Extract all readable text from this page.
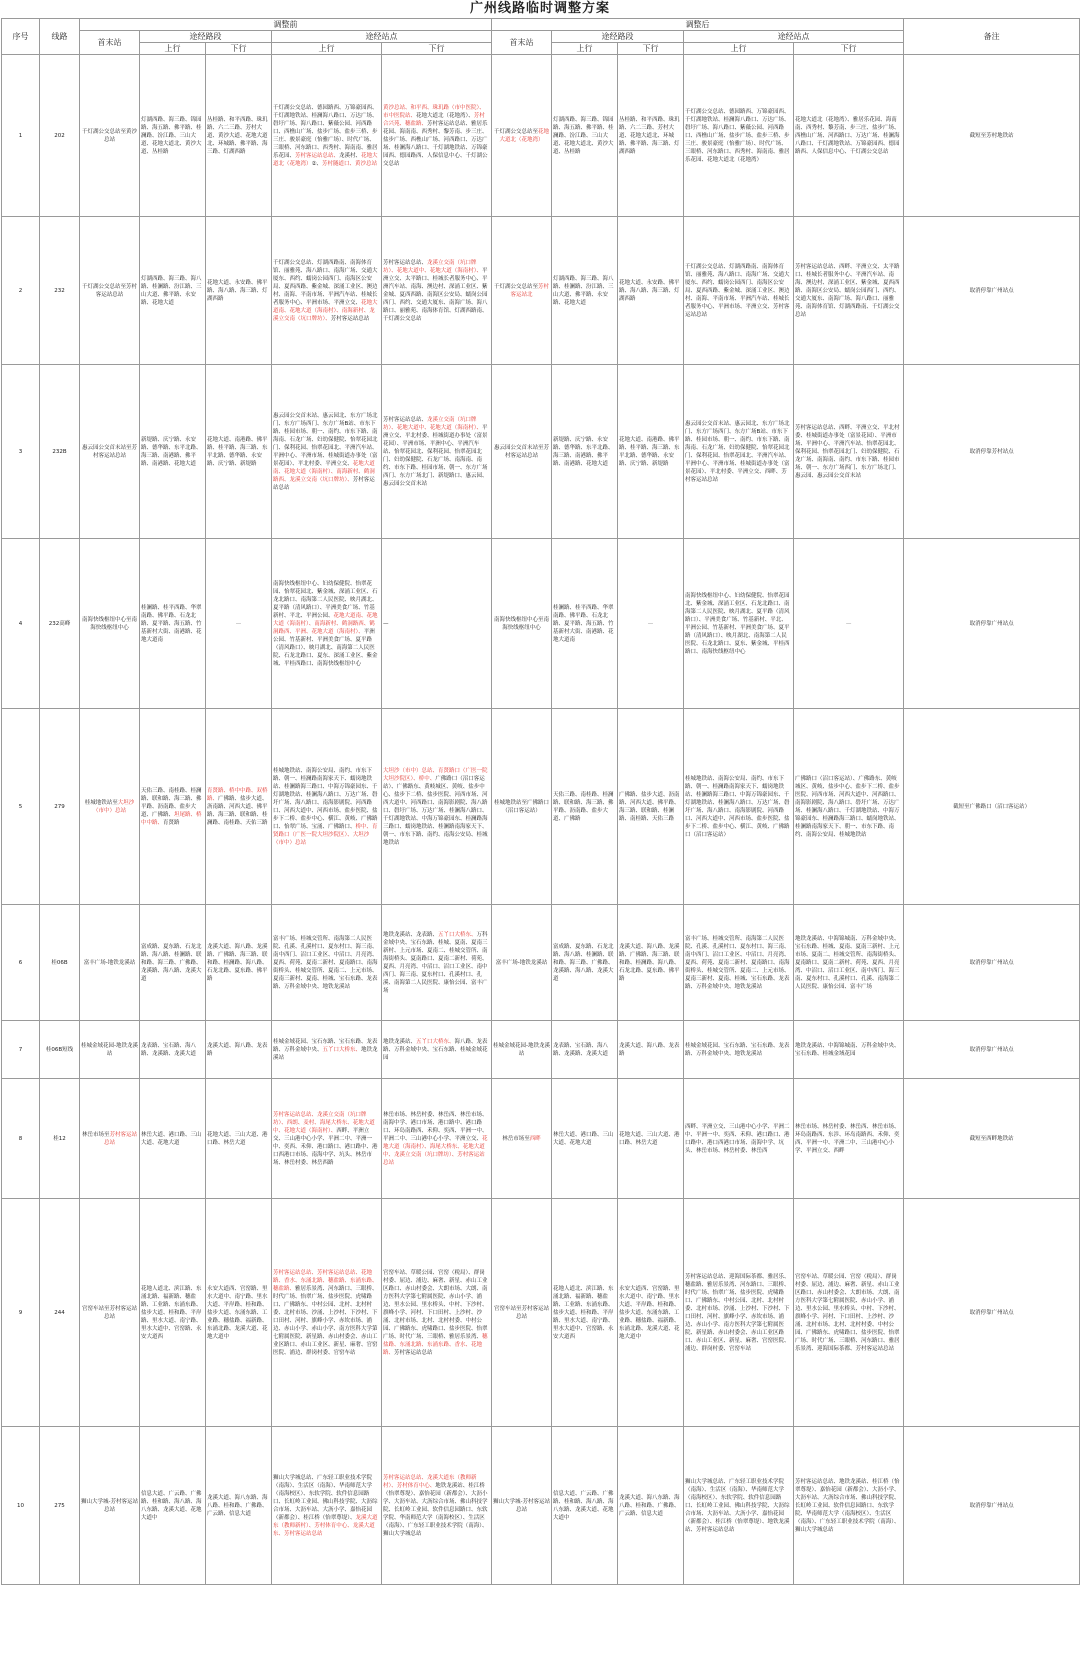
广州线路临时调整方案
序号	线路	调整前					调整后					备注
		首末站	途经路段		途经站点		首末站	途经路段		途经站点		
			上行	下行	上行	下行		上行	下行	上行	下行	
1	202	千灯湖公交总站至黄沙总站	灯湖西路、海三路、锦园路、海五路、佛平路、桂澜路、汾江路、三山大道、花地大道北、黄沙大道、丛桂路	丛桂路、和平西路、珠玑路、六二三路、芳村大道、黄沙大道、花地大道北、环城路、佛平路、海三路、灯湖西路	千灯湖公交总站、德园路西、万锦豪园西、千灯湖地铁站、桂澜海八路口、万达广场、礐圩广场、海八路口、紫薇公园、河西路口、西樵山广场、盐步广场、盐步三桥、步三庄、骏景豪庭（怡雅广场）、时代广场、三眼桥、河东路口、西秀村、海南南、雅居乐花园、芳村客运站总站、龙溪村、花地大道北（花地湾）②、芳村隧道口、黄沙总站	黄沙总站、和平西、珠玑路（市中医院）、市中医院站、花地大道北（花地湾）、芳村合兴苑、穗盐路、芳村客运站总站、雅居乐花园、海南南、西秀村、黎芳南、步三庄、盐步广场、西樵山广场、河西路口、万达广场、桂澜海八路口、千灯湖地铁站、万锦豪园西、德园路西、人保信息中心、千灯湖公交总站	千灯湖公交总站至花地大道北（花地湾）	灯湖西路、海三路、锦园路、海五路、佛平路、桂澜路、汾江路、三山大道、花地大道北、黄沙大道、丛桂路	丛桂路、和平西路、珠玑路、六二三路、芳村大道、花地大道北、环城路、佛平路、海三路、灯湖西路	千灯湖公交总站、德园路西、万锦豪园西、千灯湖地铁站、桂澜海八路口、万达广场、礐圩广场、海八路口、紫薇公园、河西路口、西樵山广场、盐步广场、盐步三桥、步三庄、骏景豪庭（怡雅广场）、时代广场、三眼桥、河东路口、西秀村、海南南、雅居乐花园、花地大道北（花地湾）	花地大道北（花地湾）、雅居乐花园、海南南、西秀村、黎芳南、步三庄、盐步广场、西樵山广场、河西路口、万达广场、桂澜海八路口、千灯湖地铁站、万锦豪园西、德园路西、人保信息中心、千灯湖公交总站	截短至芳村地铁站
2	232	千灯湖公交总站至芳村客运站总站	灯湖西路、海三路、海八路、桂澜路、汾江路、三山大道、佛平路、永安路、花地大道	花地大道、永安路、佛平路、海八路、海三路、灯湖西路	千灯湖公交总站、灯湖西路南、南海体育馆、丽雅苑、海八路口、南海广场、交通大厦东、西约、蠕岗公园西门、南海区公安局、夏西西路、紫金城、深涌工业区、澳边村、南海、平南市场、平洲汽车站、桂城长者服务中心、平洲市场、平洲立交、花地大道南、花地大道（海南村）、南海新村、龙溪立交南（坑口牌坊）、芳村客运站总站	芳村客运站总站、龙溪立交南（坑口牌坊）、花地大道中、花地大道（海南村）、平洲立交、太平路口、桂城长者服务中心、平洲汽车站、南海、澳边村、深涌工业区、紫金城、夏西西路、南海区公安局、蠕岗公园西门、西约、交通大厦东、南海广场、海八路口、丽雅苑、南海体育馆、灯湖西路南、千灯湖公交总站	千灯湖公交总站至芳村客运站北	灯湖西路、海三路、海八路、桂澜路、汾江路、三山大道、佛平路、永安路、花地大道	花地大道、永安路、佛平路、海八路、海三路、灯湖西路	千灯湖公交总站、灯湖西路南、南海体育馆、丽雅苑、海八路口、南海广场、交通大厦东、西约、蠕岗公园西门、南海区公安局、夏西西路、紫金城、深涌工业区、澳边村、南海、平南市场、平洲汽车站、桂城长者服务中心、平洲市场、平洲立交、芳村客运站总站	芳村客运站总站、西畔、平洲立交、太平路口、桂城长者服务中心、平洲汽车站、南海、澳边村、深涌工业区、紫金城、夏西西路、南海区公安局、蠕岗公园西门、西约、交通大厦东、南海广场、海八路口、丽雅苑、南海体育馆、灯湖西路南、千灯湖公交总站	取消停靠广州站点
3	232B	惠云园公交首末站至芳村客运站总站	新堤路、庆宁路、永安路、德华路、东平北路、海三路、南港路、佛平路、南港路、花地大道	花地大道、南港路、佛平路、桂平路、海三路、东平北路、德华路、永安路、庆宁路、新堤路	惠云园公交首末站、惠云园北、东方广场北门、东方广场西门、东方广场B站、市东下路、桂园市场、朝一、南约、市东下路、南海南、石龙广场、妇幼保健院、怡翠花园北门、保利花园、怡翠花园北、平洲汽车站、平洲中心、平洲市场、桂城街道办事处（富景花园）、平北村委、平洲立交、花地大道南、花地大道（海南村）、南海新村、鹤洞路西、龙溪立交南（坑口牌坊）、芳村客运站总站	芳村客运站总站、龙溪立交南（坑口牌坊）、花地大道中、花地大道（海南村）、平洲立交、平北村委、桂城街道办事处（富景花园）、平洲市场、平洲中心、平洲汽车站、怡翠花园北、保利花园、怡翠花园北门、妇幼保健院、石龙广场、南海南、南约、市东下路、桂园市场、朝一、东方广场西门、东方广场北门、新堤路口、惠云园、惠云园公交首末站	惠云园公交首末站至芳村客运站总站	新堤路、庆宁路、永安路、德华路、东平北路、海三路、南港路、佛平路、南港路、花地大道	花地大道、南港路、佛平路、桂平路、海三路、东平北路、德华路、永安路、庆宁路、新堤路	惠云园公交首末站、惠云园北、东方广场北门、东方广场西门、东方广场B站、市东下路、桂园市场、朝一、南约、市东下路、南海南、石龙广场、妇幼保健院、怡翠花园北门、保利花园、怡翠花园北、平洲汽车站、平洲中心、平洲市场、桂城街道办事处（富景花园）、平北村委、平洲立交、西畔、芳村客运站总站	芳村客运站总站、西畔、平洲立交、平北村委、桂城街道办事处（富景花园）、平洲市场、平洲中心、平洲汽车站、怡翠花园北、保利花园、怡翠花园北门、妇幼保健院、石龙广场、南海南、南约、市东下路、桂园市场、朝一、东方广场西门、东方广场北门、惠云园、惠云园公交首末站	取消停靠芳村站点
4	232高峰	南海快线枢纽中心至南海快线枢纽中心	桂澜路、桂平西路、华翠南路、佛平路、石龙北路、夏平路、海五路、竹基新村大街、南港路、花地大道南	—	南海快线枢纽中心、妇幼保健院、怡翠花园、怡翠花园北、紫金城、深涌工业区、石龙北路口、南海第二人民医院、映月湖北、夏平路（清风路口）、平洲美食广场、竹基新村、平北、平洲公园、花地大道南、花地大道（海南村）、南海新村、鹤洞路西、鹤洞路西、平洲、花地大道（海南村）、平洲公园、竹基新村、平洲美食广场、夏平路（清风路口）、映月湖北、南海第二人民医院、石龙北路口、夏东、深涌工业区、紫金城、平桂西路口、南海快线枢纽中心	—	南海快线枢纽中心至南海快线枢纽中心	桂澜路、桂平西路、华翠南路、佛平路、石龙北路、夏平路、海五路、竹基新村大街、南港路、花地大道南	—	南海快线枢纽中心、妇幼保健院、怡翠花园北、紫金城、深涌工业区、石龙北路口、南海第二人民医院、映月湖北、夏平路（清风路口）、平洲美食广场、竹基新村、平北、平洲公园、竹基新村、平洲美食广场、夏平路（清风路口）、映月湖北、南海第二人民医院、石龙北路口、夏东、紫金城、平桂西路口、南海快线枢纽中心	—	取消停靠广州站点
5	279	桂城地铁站至大坦沙（市中）总站	天佑三路、南桂路、桂澜路、联和路、海三路、佛平路、沥南路、盐步大道、广佛路、坦尾路、桥中中路、育贤路	育贤路、桥中中路、双桥路、广佛路、盐步大道、沥南路、河西大道、佛平路、海三路、联和路、桂澜路、南桂路、天佑三路	桂城地铁站、南海公安局、南约、市东下路、朝一、桂澜路南海家天下、蠕岗地铁站、桂澜路海三路口、中海万锦豪园东、千灯湖地铁站、桂澜海八路口、万达广场、礐圩广场、海八路口、南海影剧院、河西路口、河西大道中、河西市场、盐步医院、盐步下二桥、盐步中心、横江、黄岐、广佛路口、怡翠广场、宝涌、广佛路口、桥中、育贤路口（广医一院大坦沙院区）、大坦沙（市中）总站	大坦沙（市中）总站、育贤路口（广医一院大坦沙院区）、桥中、广佛路口（沼口客运站）、广佛路东、黄岐城区、黄岐、盐步中心、盐步下二桥、盐步医院、河西市场、河西大道中、河西路口、南海影剧院、海八路口、礐圩广场、万达广场、桂澜海八路口、千灯湖地铁站、中海万锦豪园东、桂澜路海三路口、蠕岗地铁站、桂澜路南海家天下、朝一、市东下路、南约、南海公安局、桂城地铁站	桂城地铁站至广佛路口（沼口客运站）	天佑三路、南桂路、桂澜路、联和路、海三路、佛平路、沥南路、盐步大道、广佛路	广佛路、盐步大道、沥南路、河西大道、佛平路、海三路、联和路、桂澜路、南桂路、天佑三路	桂城地铁站、南海公安局、南约、市东下路、朝一、桂澜路南海家天下、蠕岗地铁站、桂澜路海三路口、中海万锦豪园东、千灯湖地铁站、桂澜海八路口、万达广场、礐圩广场、海八路口、南海影剧院、河西路口、河西大道中、河西市场、盐步医院、盐步下二桥、盐步中心、横江、黄岐、广佛路口（沼口客运站）	广佛路口（沼口客运站）、广佛路东、黄岐城区、黄岐、盐步中心、盐步下二桥、盐步医院、河西市场、河西大道中、河西路口、南海影剧院、海八路口、礐圩广场、万达广场、桂澜海八路口、千灯湖地铁站、中海万锦豪园东、桂澜路海三路口、蠕岗地铁站、桂澜路南海家天下、朝一、市东下路、南约、南海公安局、桂城地铁站	截短至广佛路口（沼口客运站）
6	桂06B	富丰广场-地铁龙溪站	富成路、夏东路、石龙北路、海八路、桂澜路、联和路、海三路、广佛路、龙溪路、海八路、龙溪大道	龙溪大道、海八路、龙溪路、广佛路、海三路、联和路、桂澜路、海八路、石龙北路、夏东路、佛平路	富丰广场、桂城交管所、南海第二人民医院、孔溪、孔溪村口、夏东村口、海三南、南中西门、沼口工业区、中沼口、月亮湾、夏西、荷苑、夏南二新村、夏南路口、南海街桥头、桂城交管所、夏南二、上元市场、夏南三新村、夏南、桂城、宝石东路、龙表路、万科金域中央、地铁龙溪站	地铁龙溪站、龙表路、五丫口大桥东、万科金域中央、宝石东路、桂城、夏南、夏南三新村、上元市场、夏南二、桂城交管所、南海街桥头、夏南路口、夏南二新村、荷苑、夏西、月亮湾、中沼口、沼口工业区、南中西门、海三南、夏东村口、孔溪村口、孔溪、南海第二人民医院、康怡公园、富丰广场	富丰广场-地铁龙溪站	富成路、夏东路、石龙北路、海八路、桂澜路、联和路、海三路、广佛路、龙溪路、海八路、龙溪大道	龙溪大道、海八路、龙溪路、广佛路、海三路、联和路、桂澜路、海八路、石龙北路、夏东路、佛平路	富丰广场、桂城交管所、南海第二人民医院、孔溪、孔溪村口、夏东村口、海三南、南中西门、沼口工业区、中沼口、月亮湾、夏西、荷苑、夏南二新村、夏南路口、南海街桥头、桂城交管所、夏南二、上元市场、夏南三新村、夏南、桂城、宝石东路、龙表路、万科金域中央、地铁龙溪站	地铁龙溪站、中海锦城南、万科金域中央、宝石东路、桂城、夏南、夏南三新村、上元市场、夏南二、桂城交管所、南海街桥头、夏南路口、夏南二新村、荷苑、夏西、月亮湾、中沼口、沼口工业区、南中西门、海三南、夏东村口、孔溪村口、孔溪、南海第二人民医院、康怡公园、富丰广场	取消停靠广州站点
7	桂06B短线	桂城金域花园-地铁龙溪站	龙表路、宝石路、海八路、龙溪路、龙溪大道	龙溪大道、海八路、龙表路	桂城金域花园、宝石东路、宝石东路、龙表路、万科金域中央、五丫口大桥东、地铁龙溪站	地铁龙溪站、五丫口大桥东、海八路、龙表路、万科金域中央、宝石东路、桂城金域花园	桂城金域花园-地铁龙溪站	龙表路、宝石路、海八路、龙溪路、龙溪大道	龙溪大道、海八路、龙表路	桂城金域花园、宝石东路、宝石东路、龙表路、万科金域中央、地铁龙溪站	地铁龙溪站、中海锦城南、万科金域中央、宝石东路、桂城金域花园	取消停靠广州站点
8	桂12	林岳市场至芳村客运站总站	林岳大道、港口路、三山大道、花地大道	花地大道、三山大道、港口路、林岳大道	芳村客运站总站、龙溪立交南（坑口牌坊）、西朗、麦村、海尾大桥东、花地大道中、花地大道（海南村）、西畔、平洲立交、三山港中心小学、平洲二中、平洲一中、奕西、禾仰、港口路口、港口路中、港口西港口市场、南海中学、坑头、林岳市场、林岳村委、林岳西路	林岳市场、林岳村委、林岳西、林岳市场、南海中学、港口市场、港口路中、港口路口、环岛南路西、禾仰、奕西、平洲一中、平洲二中、三山港中心小学、平洲立交、花地大道（海南村）、海尾大桥东、花地大道中、龙溪立交南（坑口牌坊）、芳村客运站总站	林岳市场至西畔	林岳大道、港口路、三山大道、花地大道	花地大道、三山大道、港口路、林岳大道	西畔、平洲立交、三山港中心小学、平洲二中、平洲一中、奕西、禾仰、港口路口、港口路中、港口西港口市场、南海中学、坑头、林岳市场、林岳村委、林岳西	林岳市场、林岳村委、林岳西、林岳市场、环岛南路西、东涉、环岛南路西、禾仰、奕西、平洲一中、平洲二中、三山港中心小学、平洲立交、西畔	截短至西畔地铁站
9	244	官窑车站至芳村客运站总站	花地人道北、滨江路、东涌北路、福新路、穗盐路、工业路、东涌东路、盐步大道、桂和路、平岸路、里水大道、南宁路、里水大道中、官窑路、永安大道西	永安大道西、官窑路、里水大道中、南宁路、里水大道、平岸路、桂和路、盐步大道、东涌东路、工业路、穗盐路、福新路、东涌北路、龙溪大道、花地大道中	芳村客运站总站、芳村客运站总站、花地路、香水、东涌北路、穗盐路、东涌东路、穗盐路、雅居乐景湾、河东路口、三眼桥、时代广场、怡翠广场、盐步医院、虎啸路口、广佛路东、中村公园、北村、北村村委、北村市场、沙涌、上沙村、下沙村、下口田村、河村、旗峰小学、赤坎市场、浦边、赤山小学、赤山小学、南方医科大学第七附属医院、新星路、赤山村委会、赤山工业区路口、赤山工业区、新星、麻奢、官窑医院、浦边、群岗村委、官窑车站	官窑车站、草暖公园、官窑（税局）、群岗村委、屈边、浦边、麻奢、新星、赤山工业区路口、赤山村委会、大朗市场、大朗、南方医科大学第七附属医院、赤山小学、浦边、里水公园、里水桥头、中村、下沙村、旗峰小学、河村、下口田村、上沙村、沙涌、北村市场、北村、北村村委、中村公园、广佛路东、虎啸路口、盐步医院、怡翠广场、时代广场、三眼桥、雅居乐景湾、穗盐路、东涌北路、东涌东路、香水、花地路、芳村客运站总站	官窑车站至芳村客运站总站	花地人道北、滨江路、东涌北路、福新路、穗盐路、工业路、东涌东路、盐步大道、桂和路、平岸路、里水大道、南宁路、里水大道中、官窑路、永安大道西	永安大道西、官窑路、里水大道中、南宁路、里水大道、平岸路、桂和路、盐步大道、东涌东路、工业路、穗盐路、福新路、东涌北路、龙溪大道、花地大道中	芳村客运站总站、迎海国际茶都、雅居乐、穗盐路、雅居乐景湾、河东路口、三眼桥、时代广场、怡翠广场、盐步医院、虎啸路口、广佛路东、中村公园、北村、北村村委、北村市场、沙涌、上沙村、下沙村、下口田村、河村、旗峰小学、赤坎市场、浦边、赤山小学、南方医科大学第七附属医院、新星路、赤山村委会、赤山工业区路口、赤山工业区、新星、麻奢、官窑医院、浦边、群岗村委、官窑车站	官窑车站、草暖公园、官窑（税局）、群岗村委、屈边、浦边、麻奢、新星、赤山工业区路口、赤山村委会、大朗市场、大朗、南方医科大学第七附属医院、赤山小学、浦边、里水公园、里水桥头、中村、下沙村、旗峰小学、河村、下口田村、上沙村、沙涌、北村市场、北村、北村村委、中村公园、广佛路东、虎啸路口、盐步医院、怡翠广场、时代广场、三眼桥、河东路口、雅居乐景湾、迎海国际茶都、芳村客运站总站	取消停靠广州站点
10	275	狮山大学城-芳村客运站总站	信息大道、广云路、广佛路、桂和路、海八路、海八东路、龙溪大道、花地大道中	龙溪大道、海八东路、海八路、桂和路、广佛路、广云路、信息大道	狮山大学城总站、广东轻工职业技术学院（南海）、生活区（南海）、华南师范大学（南海校区）、东软学院、软件信息园路口、长虹岭工业园、佛山科技学院、大沥综合市场、大沥车站、大沥小学、嘉怡花园（新都会）、桂江桥（怡翠尊堤）、龙溪大道东（教师新村）、芳村体育中心、龙溪大道东、芳村客运站总站	芳村客运站总站、龙溪大道东（教师新村）、芳村体育中心、地铁龙溪站、桂江桥（怡翠尊堤）、嘉怡花园（新都会）、大沥小学、大沥车站、大沥综合市场、佛山科技学院、长虹岭工业园、软件信息园路口、东软学院、华南师范大学（南海校区）、生活区（南海）、广东轻工职业技术学院（南海）、狮山大学城总站	狮山大学城-芳村客运站总站	信息大道、广云路、广佛路、桂和路、海八路、海八东路、龙溪大道、花地大道中	龙溪大道、海八东路、海八路、桂和路、广佛路、广云路、信息大道	狮山大学城总站、广东轻工职业技术学院（南海）、生活区（南海）、华南师范大学（南海校区）、东软学院、软件信息园路口、长虹岭工业园、佛山科技学院、大沥综合市场、大沥车站、大沥小学、嘉怡花园（新都会）、桂江桥（怡翠尊堤）、地铁龙溪站、芳村客运站总站	芳村客运站总站、地铁龙溪站、桂江桥（怡翠尊堤）、嘉怡花园（新都会）、大沥小学、大沥车站、大沥综合市场、佛山科技学院、长虹岭工业园、软件信息园路口、东软学院、华南师范大学（南海校区）、生活区（南海）、广东轻工职业技术学院（南海）、狮山大学城总站	取消停靠广州站点
